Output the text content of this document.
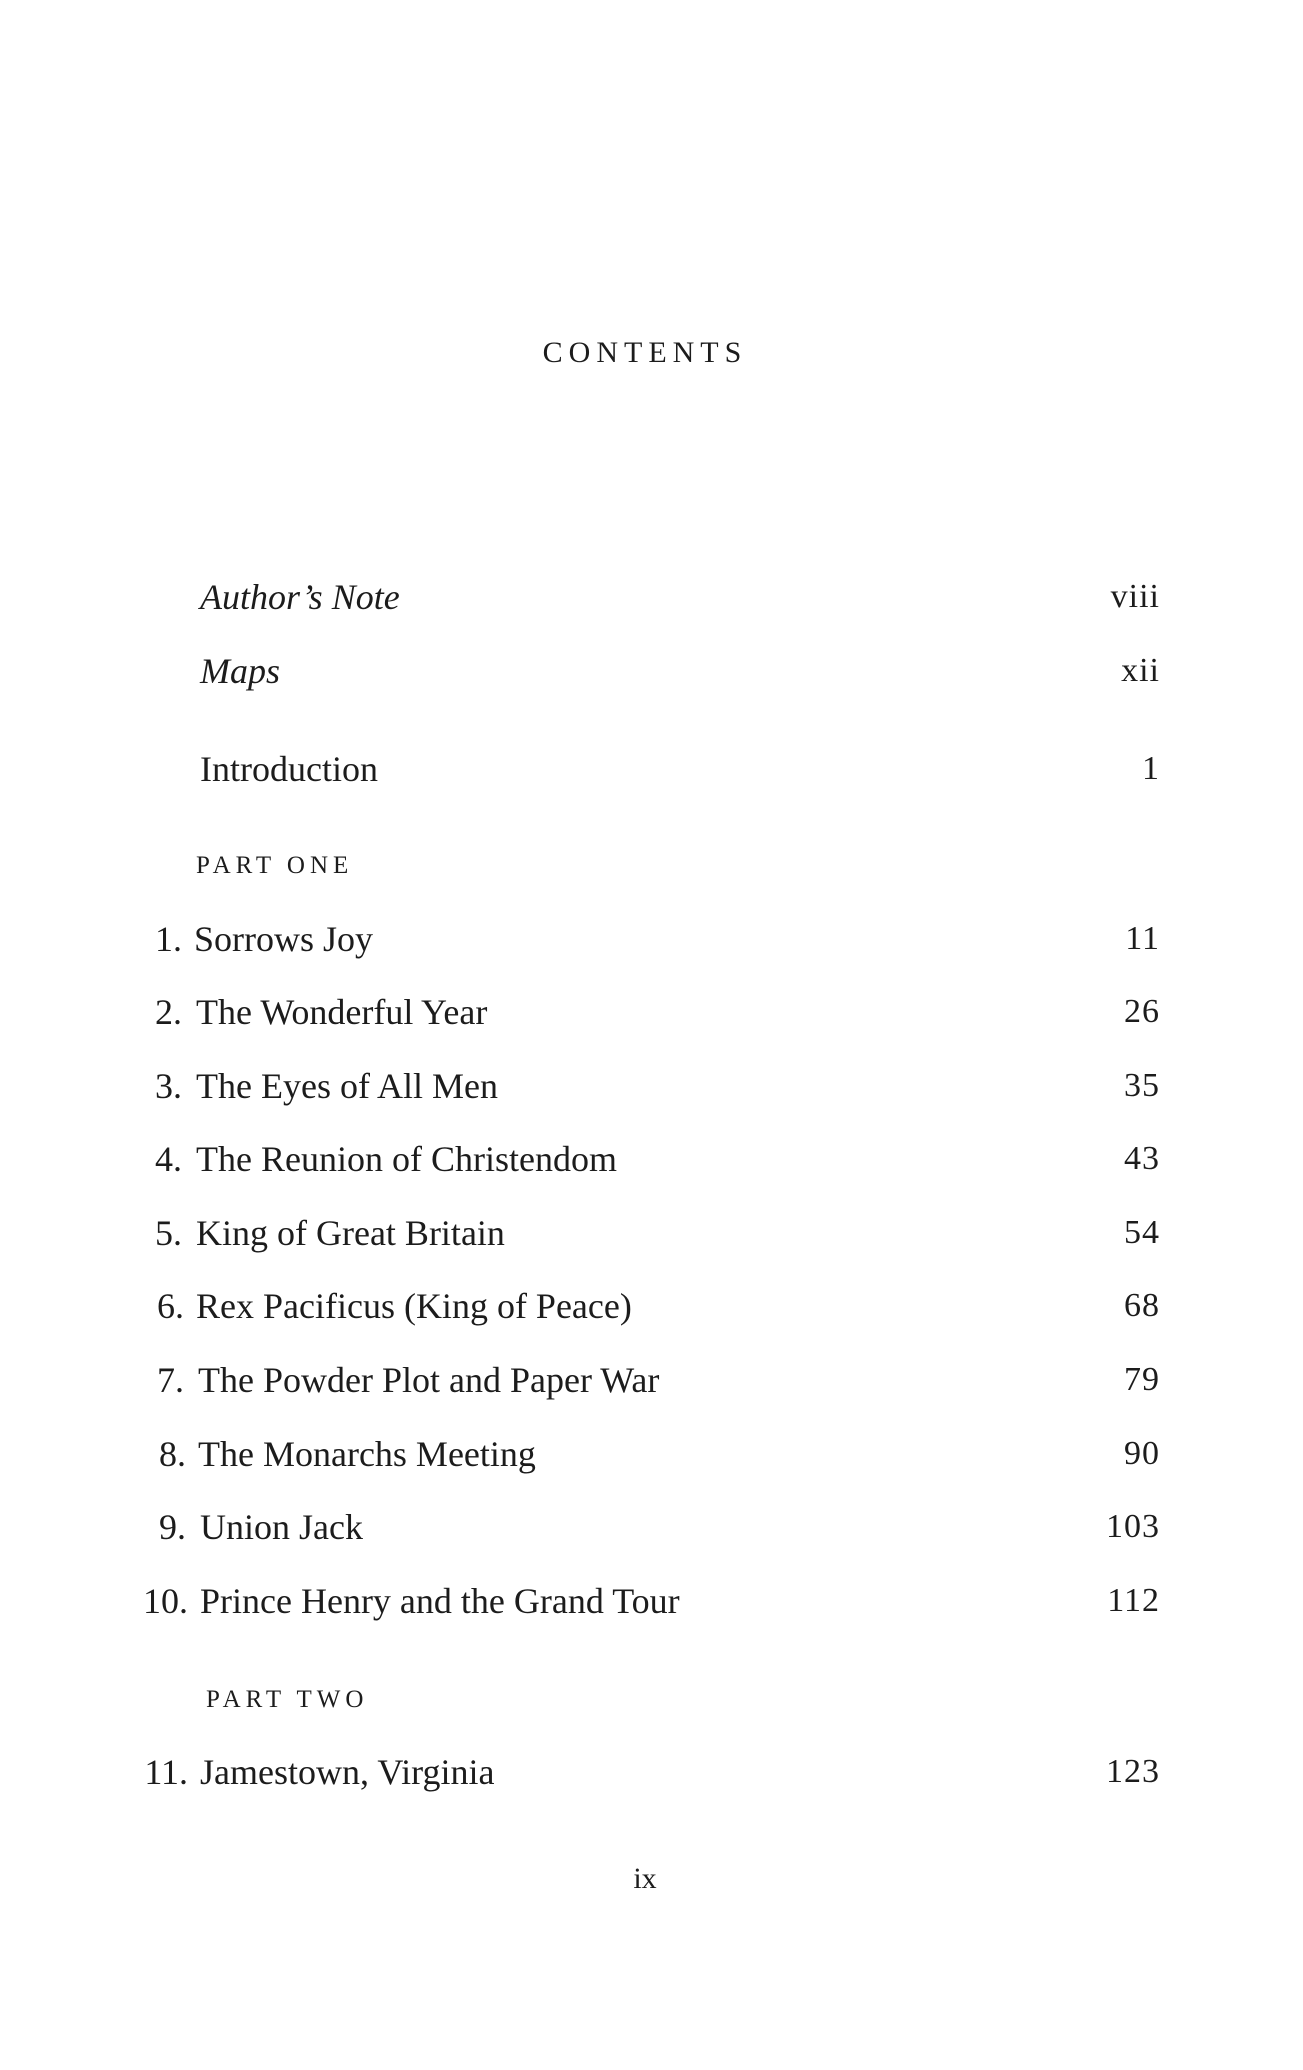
CONTENTS
Author’s Note	viii
Maps	xii
Introduction	1
PART ONE
1. Sorrows Joy	11
2. The Wonderful Year	26
3. The Eyes of All Men	35
4. The Reunion of Christendom	43
5. King of Great Britain	54
6. Rex Pacificus (King of Peace)	68
7. The Powder Plot and Paper War	79
8. The Monarchs Meeting	90
9. Union Jack	103
10. Prince Henry and the Grand Tour	112
PART TWO
11. Jamestown, Virginia	123
ix
